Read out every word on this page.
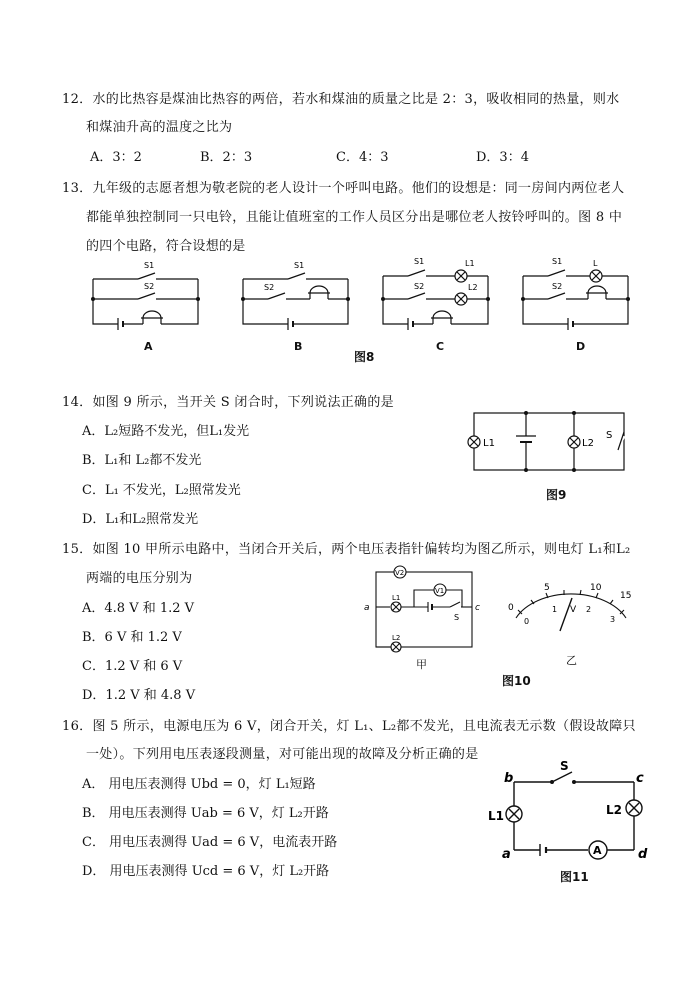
12．水的比热容是煤油比热容的两倍，若水和煤油的质量之比是 2：3，吸收相同的热量，则水
和煤油升高的温度之比为
A．3：2	B．2：3	C．4：3	D．3：4
13．九年级的志愿者想为敬老院的老人设计一个呼叫电路。他们的设想是：同一房间内两位老人
都能单独控制同一只电铃，且能让值班室的工作人员区分出是哪位老人按铃呼叫的。图 8 中
的四个电路，符合设想的是
S1
S2
A
S1
S2
B
S1
S2
L1
L2
C
S1
S2
L
D
图8
14．如图 9 所示，当开关 S 闭合时，下列说法正确的是
A．L₂短路不发光，但L₁发光
B．L₁和 L₂都不发光
C．L₁ 不发光，L₂照常发光
D．L₁和L₂照常发光
L1	L2
S
图9
15．如图 10 甲所示电路中，当闭合开关后，两个电压表指针偏转均为图乙所示，则电灯 L₁和L₂
两端的电压分别为
A．4.8 V 和 1.2 V
B．6 V 和 1.2 V
C．1.2 V 和 6 V
D．1.2 V 和 4.8 V
V2
V1
L1
L2
a	c
S
甲
0
5	10
15
0
1	2
3
V
乙
图10
16．图 5 所示，电源电压为 6 V，闭合开关，灯 L₁、L₂都不发光，且电流表无示数（假设故障只
一处）。下列用电压表逐段测量，对可能出现的故障及分析正确的是
A． 用电压表测得 Ubd = 0，灯 L₁短路
B． 用电压表测得 Uab = 6 V，灯 L₂开路
C． 用电压表测得 Uad = 6 V，电流表开路
D． 用电压表测得 Ucd = 6 V，灯 L₂开路
b	c
a	d
S
L1	L2
A
图11
